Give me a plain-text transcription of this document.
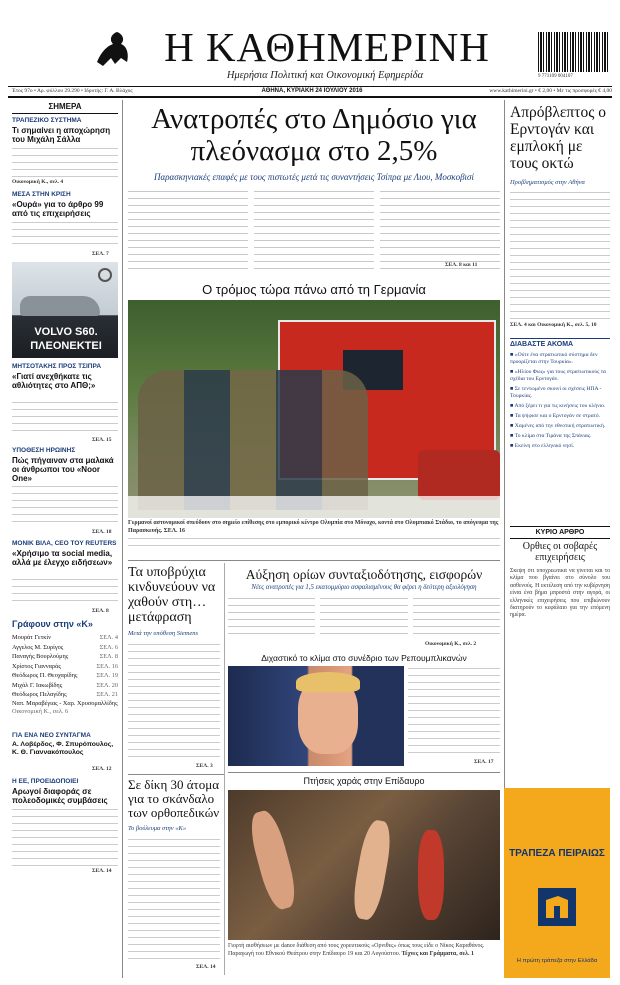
Η ΚΑΘΗΜΕΡΙΝΗ
Ημερήσια Πολιτική και Οικονομική Εφημερίδα	9 771109 004107
Έτος 97ο • Αρ. φύλλου 29.290 • Ιδρυτής: Γ. Α. Βλάχος	ΑΘΗΝΑ, ΚΥΡΙΑΚΗ 24 ΙΟΥΛΙΟΥ 2016	www.kathimerini.gr • € 2,00 • Με τις προσφορές € 4,00
ΣΗΜΕΡΑ
ΤΡΑΠΕΖΙΚΟ ΣΥΣΤΗΜΑ
Τι σημαίνει η αποχώρηση του Μιχάλη Σάλλα
Οικονομική Κ., σελ. 4
ΜΕΣΑ ΣΤΗΝ ΚΡΙΣΗ
«Ουρά» για το άρθρο 99 από τις επιχειρήσεις
ΣΕΛ. 7
VOLVO S60.
ΠΛΕΟΝΕΚΤΕΙ
ΜΗΤΣΟΤΑΚΗΣ ΠΡΟΣ ΤΣΙΠΡΑ
«Γιατί ανεχθήκατε τις αθλιότητες στο ΑΠΘ;»
ΣΕΛ. 15
ΥΠΟΘΕΣΗ ΗΡΩΙΝΗΣ
Πώς πήγαιναν στα μαλακά οι άνθρωποι του «Noor One»
ΣΕΛ. 18
MONIK ΒΙΛΑ, CEO TOY REUTERS
«Χρήσιμο τα social media, αλλά με έλεγχο ειδήσεων»
ΣΕΛ. 8
Γράφουν στην «Κ»
Μουράτ Γετκίν	ΣΕΛ. 4
Αγγελος Μ. Συρίγος	ΣΕΛ. 6
Παναγής Βουρλούμης	ΣΕΛ. 8
Χρίστος Γιανναράς	ΣΕΛ. 16
Θεόδωρος Π. Θεοχαρίδης	ΣΕΛ. 19
Μιχάλ Γ. Ιακωβίδης	ΣΕΛ. 20
Θεόδωρος Πελαγίδης	ΣΕΛ. 21
Ναπ. Μαραβέγιας - Χαρ. Χρυσομαλλίδης Οικονομική Κ., σελ. 6
ΓΙΑ ΕΝΑ ΝΕΟ ΣΥΝΤΑΓΜΑ
Α. Λοβέρδος, Φ. Σπυρόπουλος, Κ. Θ. Γιαννακόπουλος
ΣΕΛ. 12
Η ΕΕ, ΠΡΟΕΙΔΟΠΟΙΕΙ
Αρωγοί διαφοράς σε πολεοδομικές συμβάσεις
ΣΕΛ. 14
Ανατροπές στο Δημόσιο για πλεόνασμα στο 2,5%
Παρασκηνιακές επαφές με τους πιστωτές μετά τις συναντήσεις Τσίπρα με Λιου, Μοσκοβισί
ΣΕΛ. 8 και 11
Ο τρόμος τώρα πάνω από τη Γερμανία
Γερμανοί αστυνομικοί σπεύδουν στο σημείο επίθεσης στο εμπορικό κέντρο Ολυμπία στο Μόναχο, κοντά στο Ολυμπιακό Στάδιο, το απόγευμα της Παρασκευής. ΣΕΛ. 16
Τα υποβρύχια κινδυνεύουν να χαθούν στη… μετάφραση
Μετά την υπόθεση Siemens
ΣΕΛ. 3
Αύξηση ορίων συνταξιοδότησης, εισφορών
Νέες ανατροπές για 1,5 εκατομμύριο ασφαλισμένους θα φέρει η δεύτερη αξιολόγηση
Οικονομική Κ., σελ. 2
Διχαστικό το κλίμα στο συνέδριο των Ρεπουμπλικανών
ΣΕΛ. 17
Σε δίκη 30 άτομα για το σκάνδαλο των ορθοπεδικών
Το βούλευμα στην «Κ»
ΣΕΛ. 14
Πτήσεις χαράς στην Επίδαυρο
Γιορτή αισθήσεων με dance διάθεση από τους χορευτικούς «Ορνιθες» όπως τους είδε ο Νίκος Καραθάνος. Παραγωγή του Εθνικού Θεάτρου στην Επίδαυρο 19 και 20 Αυγούστου. Τέχνες και Γράμματα, σελ. 1
Απρόβλεπτος ο Ερντογάν και εμπλοκή με τους οκτώ
Προβληματισμός στην Αθήνα
ΣΕΛ. 4 και Οικονομική Κ., σελ. 5, 10
ΔΙΑΒΑΣΤΕ ΑΚΟΜΑ
■ «Ούτε ένα στρατιωτικό σύστημα δεν προορίζεται στην Τουρκία».
■ «Ηλίου Φως» για τους στρατιωτικούς τα σχέδια του Ερντογάν.
■ Σε τεντωμένο σκοινί οι σχέσεις ΗΠΑ - Τουρκίας.
■ Από ξέρει τι για τις κινήσεις του κλήνιο.
■ Τα ψήφισε και ο Ερντογάν σε στρατό.
■ Χαμένες από την εθνοτική στρατιωτική.
■ Το κλίμα στα Τιράνα της Σπάνιας.
■ Εκείνη στο ελληνικό νησί.
ΚΥΡΙΟ ΑΡΘΡΟ
Ορθιες οι σοβαρές επιχειρήσεις
Σκεψη ότι υποχρεωτικά να γίνεται και το κλίμα που βγαίνει στο σύνολο του ασθενούς. Η εκτέλεση από την κυβέρνηση είναι ένα βήμα μπροστά στην αγορά, οι ελληνικές επιχειρήσεις που επιβιώνουν διατηρούν το κεφάλαιο για την επόμενη ημέρα.
ΤΡΑΠΕΖΑ ΠΕΙΡΑΙΩΣ
Η πρώτη τράπεζα στην Ελλάδα
